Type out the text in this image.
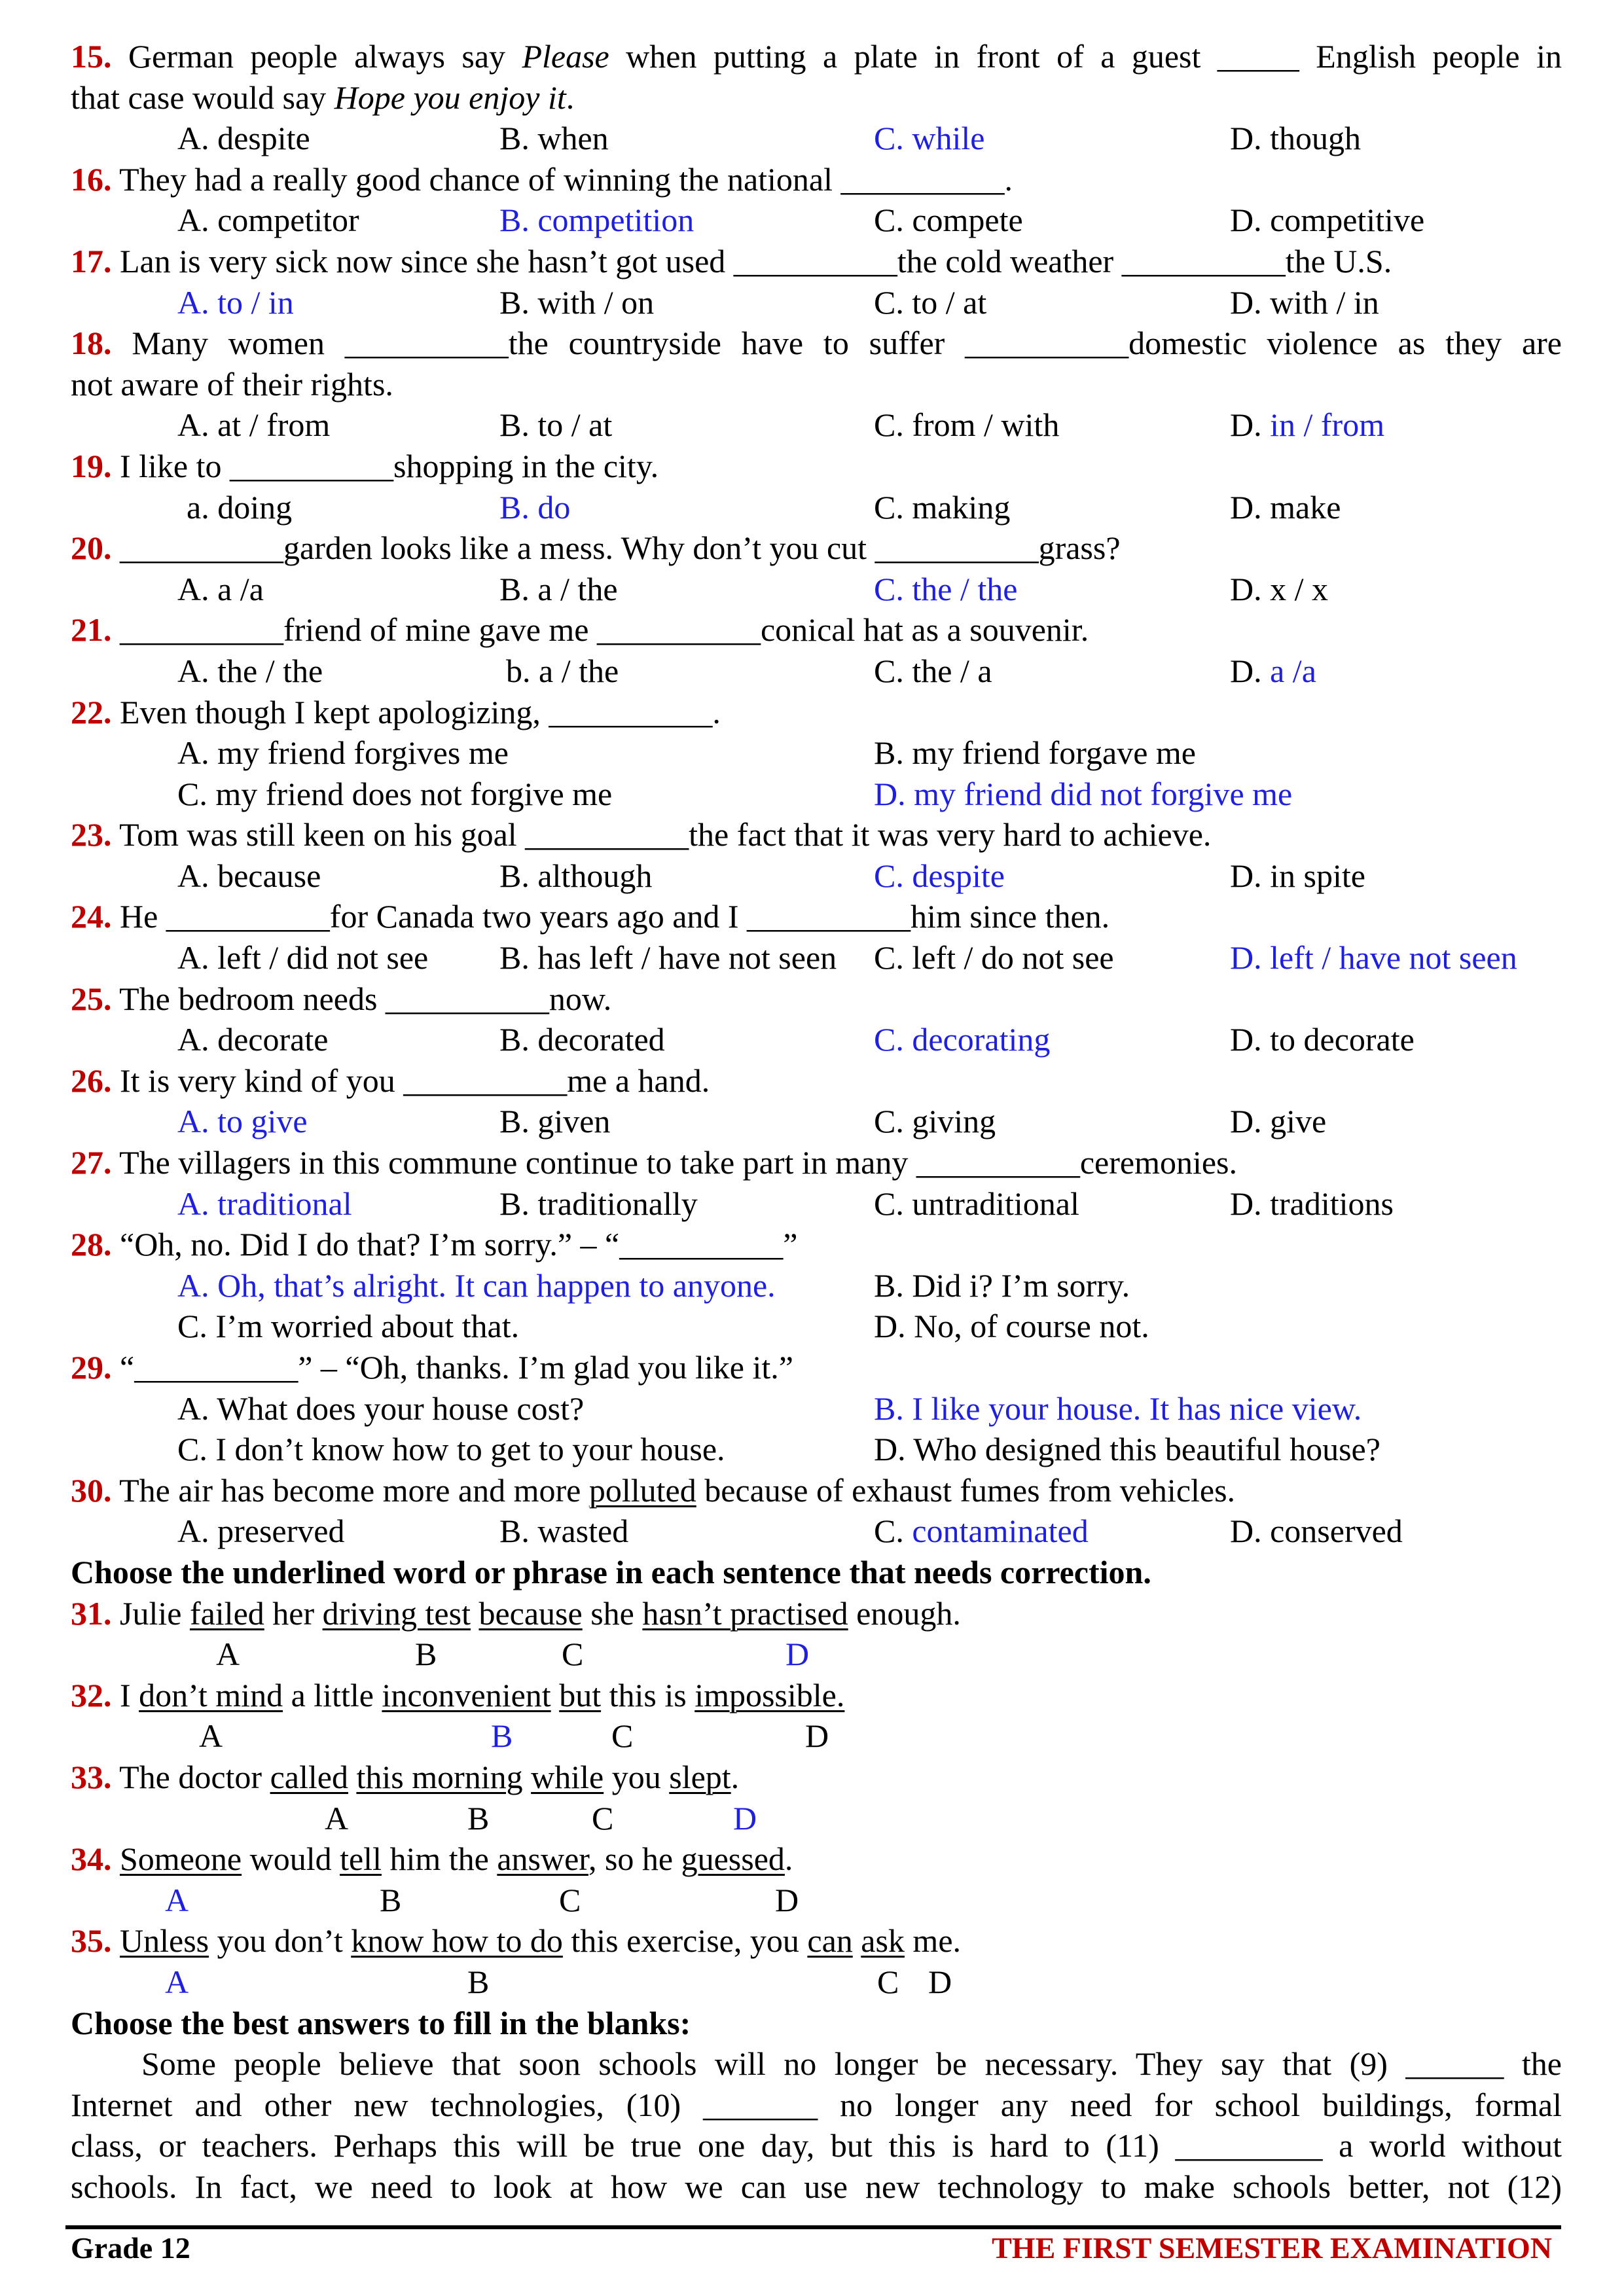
15. German people always say Please when putting a plate in front of a guest _____ English people in
that case would say Hope you enjoy it.
A. despite	B. when	C. while	D. though
16. They had a really good chance of winning the national __________.
A. competitor	B. competition	C. compete	D. competitive
17. Lan is very sick now since she hasn’t got used __________the cold weather __________the U.S.
A. to / in	B. with / on	C. to / at	D. with / in
18. Many women __________the countryside have to suffer __________domestic violence as they are
not aware of their rights.
A. at / from	B. to / at	C. from / with	D. in / from
19. I like to __________shopping in the city.
a. doing	B. do	C. making	D. make
20. __________garden looks like a mess. Why don’t you cut __________grass?
A. a /a	B. a / the	C. the / the	D. x / x
21. __________friend of mine gave me __________conical hat as a souvenir.
A. the / the	b. a / the	C. the / a	D. a /a
22. Even though I kept apologizing, __________.
A. my friend forgives me	B. my friend forgave me
C. my friend does not forgive me	D. my friend did not forgive me
23. Tom was still keen on his goal __________the fact that it was very hard to achieve.
A. because	B. although	C. despite	D. in spite
24. He __________for Canada two years ago and I __________him since then.
A. left / did not see B. has left / have not seen C. left / do not see	D. left / have not seen
25. The bedroom needs __________now.
A. decorate	B. decorated	C. decorating	D. to decorate
26. It is very kind of you __________me a hand.
A. to give	B. given	C. giving	D. give
27. The villagers in this commune continue to take part in many __________ceremonies.
A. traditional	B. traditionally	C. untraditional	D. traditions
28. “Oh, no. Did I do that? I’m sorry.” – “__________”
A. Oh, that’s alright. It can happen to anyone.	B. Did i? I’m sorry.
C. I’m worried about that.	D. No, of course not.
29. “__________” – “Oh, thanks. I’m glad you like it.”
A. What does your house cost?	B. I like your house. It has nice view.
C. I don’t know how to get to your house.	D. Who designed this beautiful house?
30. The air has become more and more polluted because of exhaust fumes from vehicles.
A. preserved	B. wasted	C. contaminated	D. conserved
Choose the underlined word or phrase in each sentence that needs correction.
31. Julie failed her driving test because she hasn’t practised enough.
A	B	C	D
32. I don’t mind a little inconvenient but this is impossible.
A	B	C	D
33. The doctor called this morning while you slept.
A	B	C	D
34. Someone would tell him the answer, so he guessed.
A	B	C	D
35. Unless you don’t know how to do this exercise, you can ask me.
A	B	C D
Choose the best answers to fill in the blanks:
Some people believe that soon schools will no longer be necessary. They say that (9) ______ the
Internet and other new technologies, (10) _______ no longer any need for school buildings, formal
class, or teachers. Perhaps this will be true one day, but this is hard to (11) _________ a world without
schools. In fact, we need to look at how we can use new technology to make schools better, not (12)
Grade 12	THE FIRST SEMESTER EXAMINATION
